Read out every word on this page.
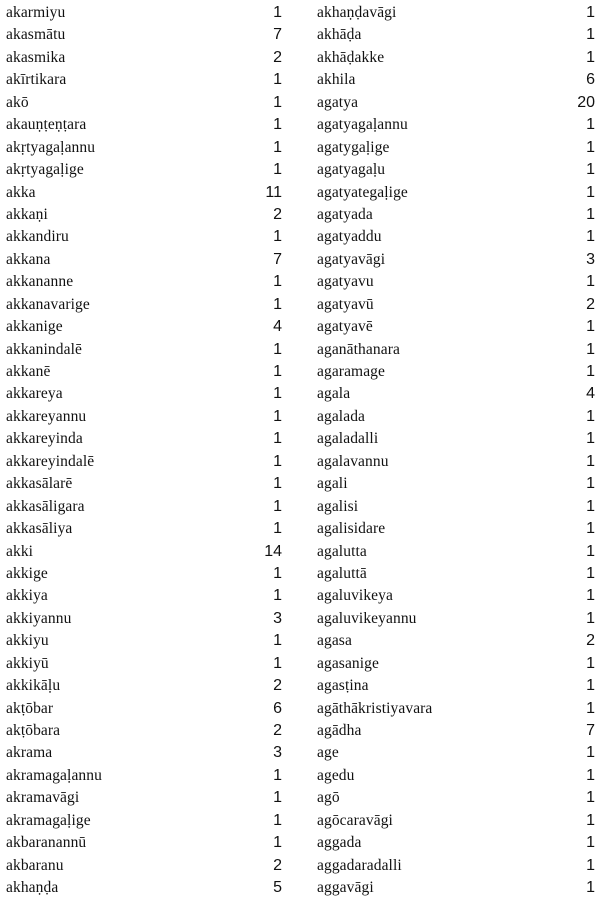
akarmiyu	1
akasmātu	7
akasmika	2
akīrtikara	1
akō	1
akauṇṭeṇṭara	1
akṛtyagaḷannu	1
akṛtyagaḷige	1
akka	11
akkaṇi	2
akkandiru	1
akkana	7
akkananne	1
akkanavarige	1
akkanige	4
akkanindalē	1
akkanē	1
akkareya	1
akkareyannu	1
akkareyinda	1
akkareyindalē	1
akkasālarē	1
akkasāligara	1
akkasāliya	1
akki	14
akkige	1
akkiya	1
akkiyannu	3
akkiyu	1
akkiyū	1
akkikāḷu	2
akṭōbar	6
akṭōbara	2
akrama	3
akramagaḷannu	1
akramavāgi	1
akramagaḷige	1
akbaranannū	1
akbaranu	2
akhaṇḍa	5
akhaṇḍavāgi	1
akhāḍa	1
akhāḍakke	1
akhila	6
agatya	20
agatyagaḷannu	1
agatygaḷige	1
agatyagaḷu	1
agatyategaḷige	1
agatyada	1
agatyaddu	1
agatyavāgi	3
agatyavu	1
agatyavū	2
agatyavē	1
aganāthanara	1
agaramage	1
agala	4
agalada	1
agaladalli	1
agalavannu	1
agali	1
agalisi	1
agalisidare	1
agalutta	1
agaluttā	1
agaluvikeya	1
agaluvikeyannu	1
agasa	2
agasanige	1
agasṭina	1
agāthākristiyavara	1
agādha	7
age	1
agedu	1
agō	1
agōcaravāgi	1
aggada	1
aggadaradalli	1
aggavāgi	1
